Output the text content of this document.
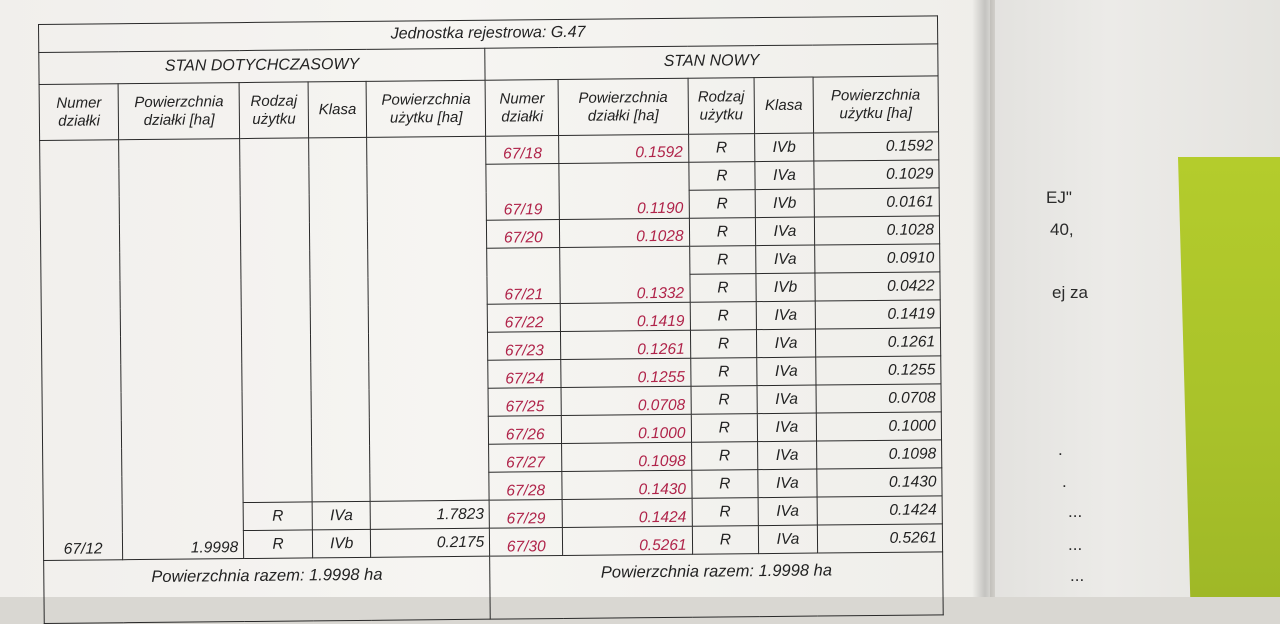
EJ"
40,
ej za
.
.
...
...
...
Jednostka rejestrowa: G.47									
STAN DOTYCHCZASOWY					STAN NOWY				
Numer działki	Powierzchnia działki [ha]	Rodzaj użytku	Klasa	Powierzchnia użytku [ha]	Numer działki	Powierzchnia działki [ha]	Rodzaj użytku	Klasa	Powierzchnia użytku [ha]
67/12	1.9998				67/18	0.1592	R	IVb	0.1592
					67/19	0.1190	R	IVa	0.1029
							R	IVb	0.0161
					67/20	0.1028	R	IVa	0.1028
					67/21	0.1332	R	IVa	0.0910
							R	IVb	0.0422
					67/22	0.1419	R	IVa	0.1419
					67/23	0.1261	R	IVa	0.1261
					67/24	0.1255	R	IVa	0.1255
					67/25	0.0708	R	IVa	0.0708
					67/26	0.1000	R	IVa	0.1000
					67/27	0.1098	R	IVa	0.1098
					67/28	0.1430	R	IVa	0.1430
		R	IVa	1.7823	67/29	0.1424	R	IVa	0.1424
		R	IVb	0.2175	67/30	0.5261	R	IVa	0.5261
Powierzchnia razem: 1.9998 ha					Powierzchnia razem: 1.9998 ha				
